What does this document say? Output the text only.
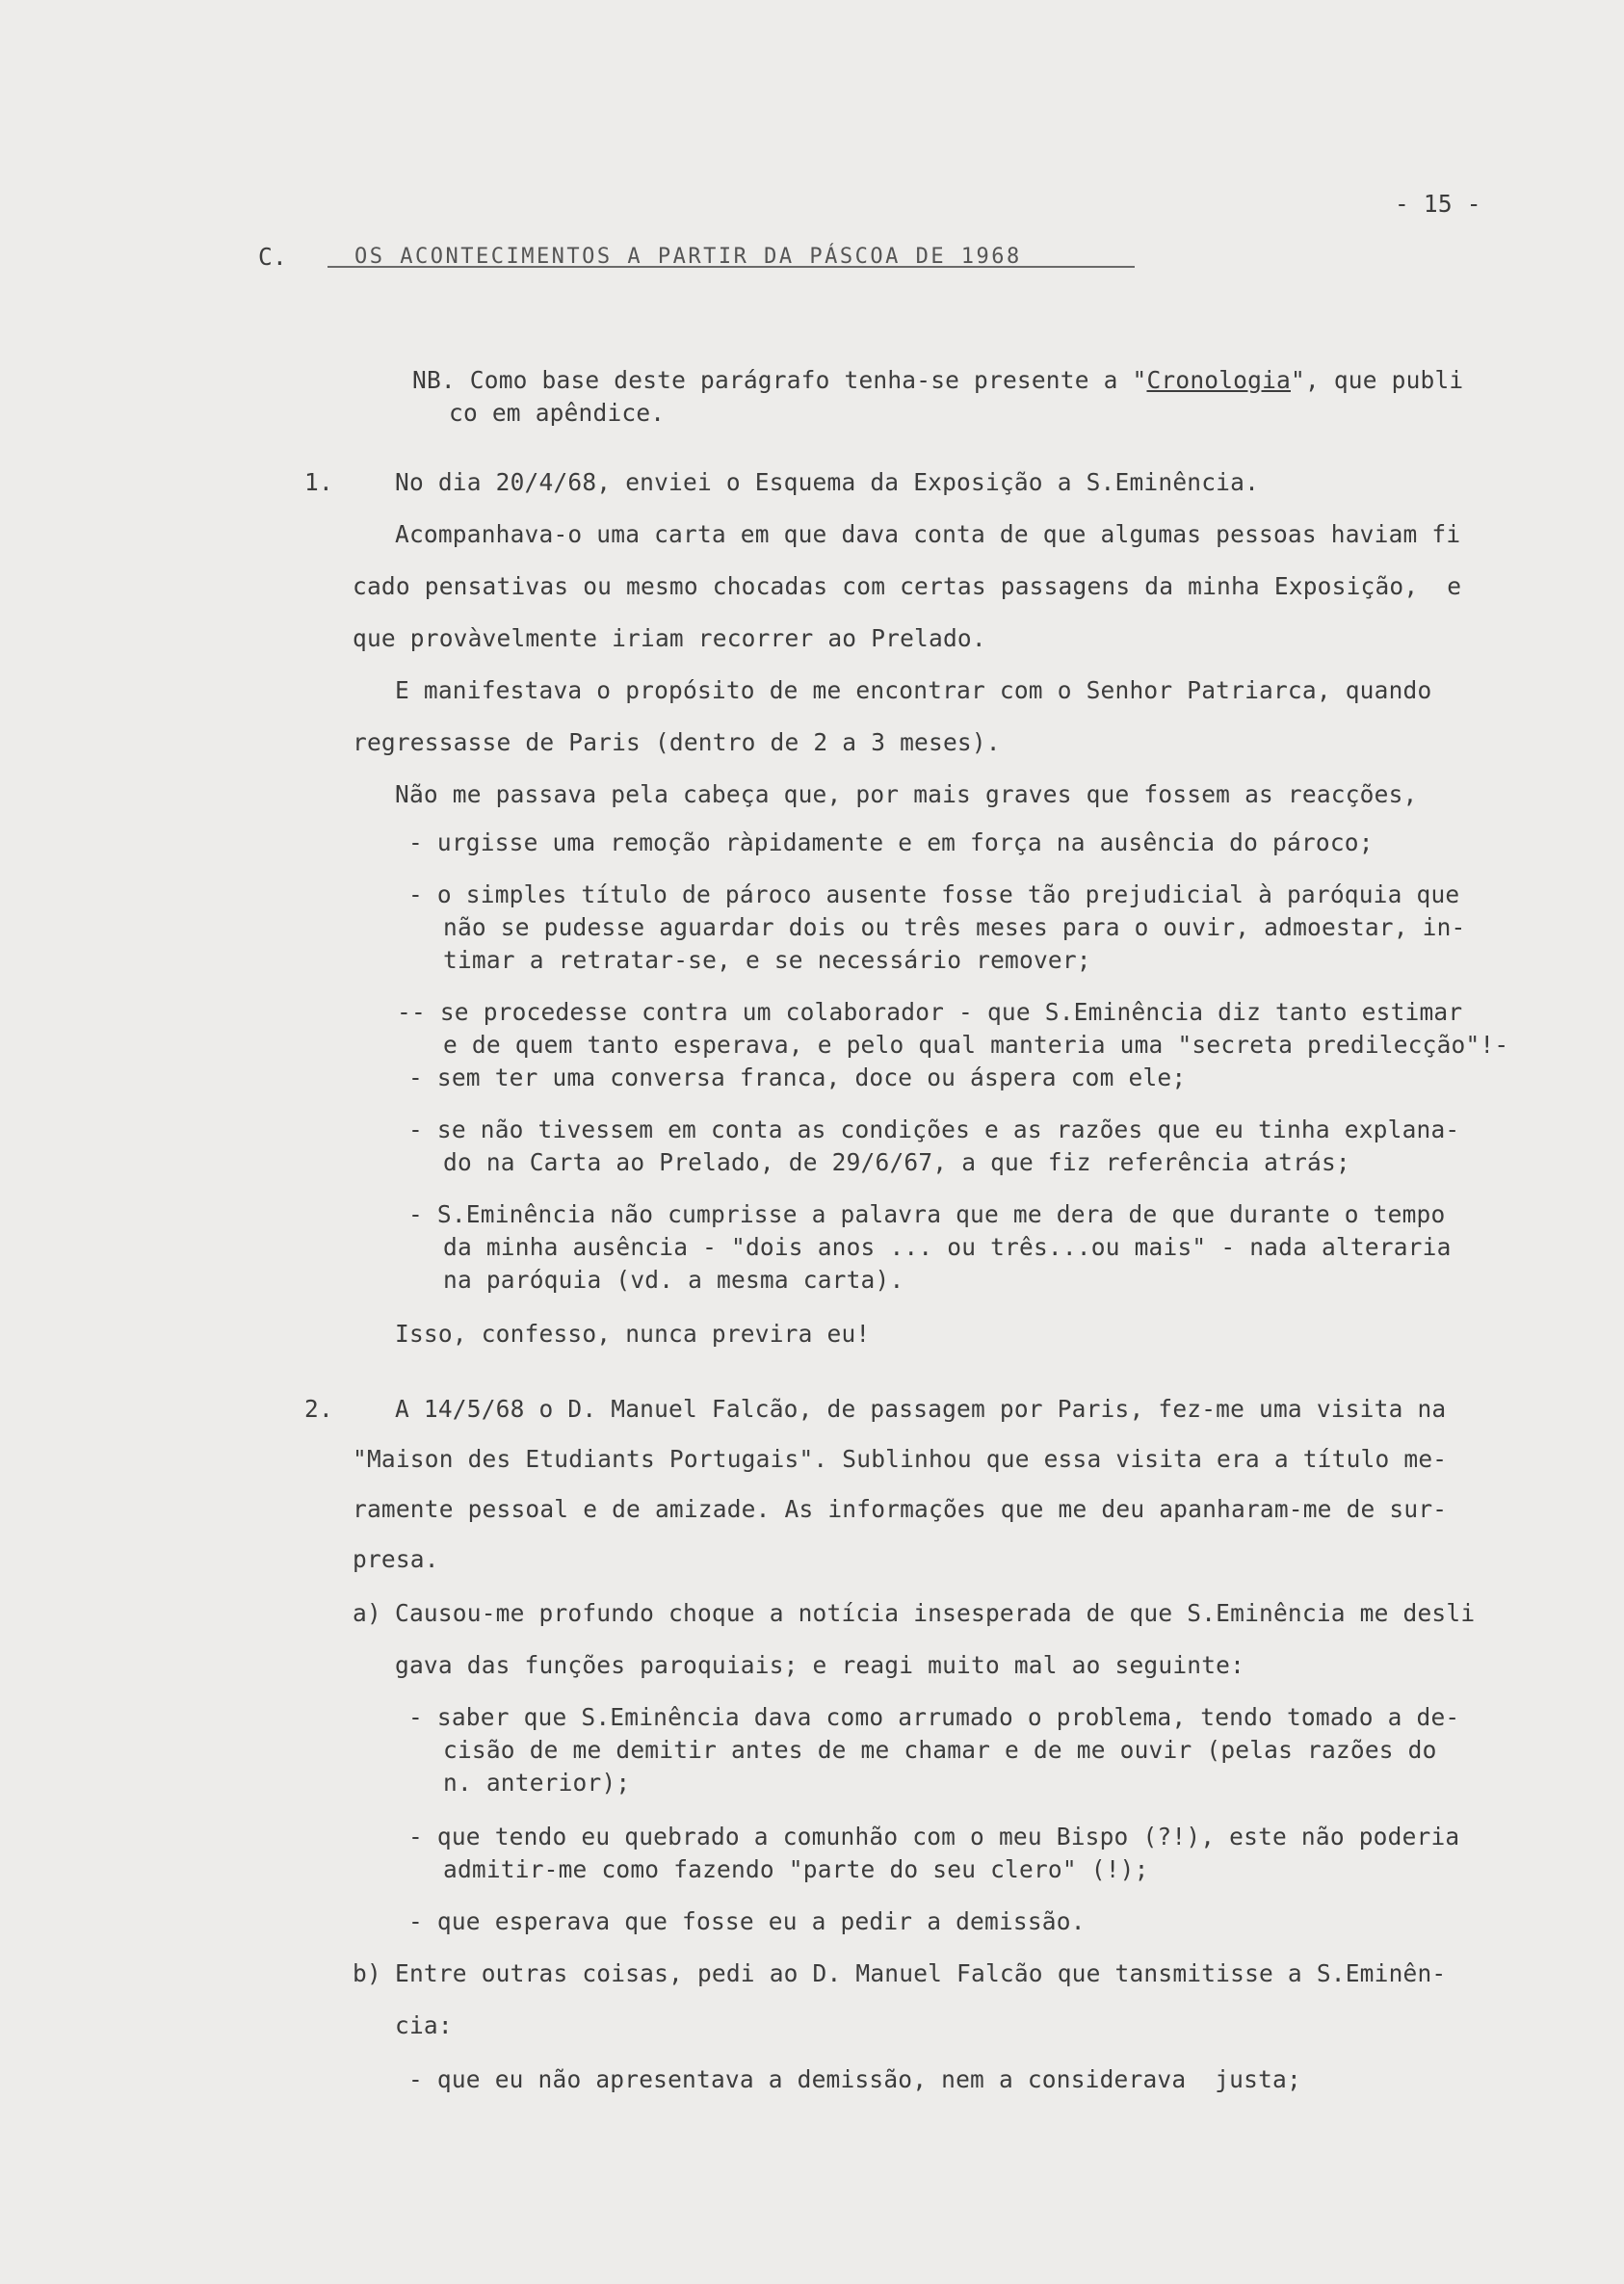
- 15 -
C.	OS ACONTECIMENTOS A PARTIR DA PÁSCOA DE 1968
NB. Como base deste parágrafo tenha-se presente a "Cronologia", que publi
co em apêndice.
1.	No dia 20/4/68, enviei o Esquema da Exposição a S.Eminência.
Acompanhava-o uma carta em que dava conta de que algumas pessoas haviam fi
cado pensativas ou mesmo chocadas com certas passagens da minha Exposição,  e
que provàvelmente iriam recorrer ao Prelado.
E manifestava o propósito de me encontrar com o Senhor Patriarca, quando
regressasse de Paris (dentro de 2 a 3 meses).
Não me passava pela cabeça que, por mais graves que fossem as reacções,
- urgisse uma remoção ràpidamente e em força na ausência do pároco;
- o simples título de pároco ausente fosse tão prejudicial à paróquia que
não se pudesse aguardar dois ou três meses para o ouvir, admoestar, in-
timar a retratar-se, e se necessário remover;
-- se procedesse contra um colaborador - que S.Eminência diz tanto estimar
e de quem tanto esperava, e pelo qual manteria uma "secreta predilecção"!-
- sem ter uma conversa franca, doce ou áspera com ele;
- se não tivessem em conta as condições e as razões que eu tinha explana-
do na Carta ao Prelado, de 29/6/67, a que fiz referência atrás;
- S.Eminência não cumprisse a palavra que me dera de que durante o tempo
da minha ausência - "dois anos ... ou três...ou mais" - nada alteraria
na paróquia (vd. a mesma carta).
Isso, confesso, nunca previra eu!
2.	A 14/5/68 o D. Manuel Falcão, de passagem por Paris, fez-me uma visita na
"Maison des Etudiants Portugais". Sublinhou que essa visita era a título me-
ramente pessoal e de amizade. As informações que me deu apanharam-me de sur-
presa.
a) Causou-me profundo choque a notícia insesperada de que S.Eminência me desli
gava das funções paroquiais; e reagi muito mal ao seguinte:
- saber que S.Eminência dava como arrumado o problema, tendo tomado a de-
cisão de me demitir antes de me chamar e de me ouvir (pelas razões do
n. anterior);
- que tendo eu quebrado a comunhão com o meu Bispo (?!), este não poderia
admitir-me como fazendo "parte do seu clero" (!);
- que esperava que fosse eu a pedir a demissão.
b) Entre outras coisas, pedi ao D. Manuel Falcão que tansmitisse a S.Eminên-
cia:
- que eu não apresentava a demissão, nem a considerava  justa;
